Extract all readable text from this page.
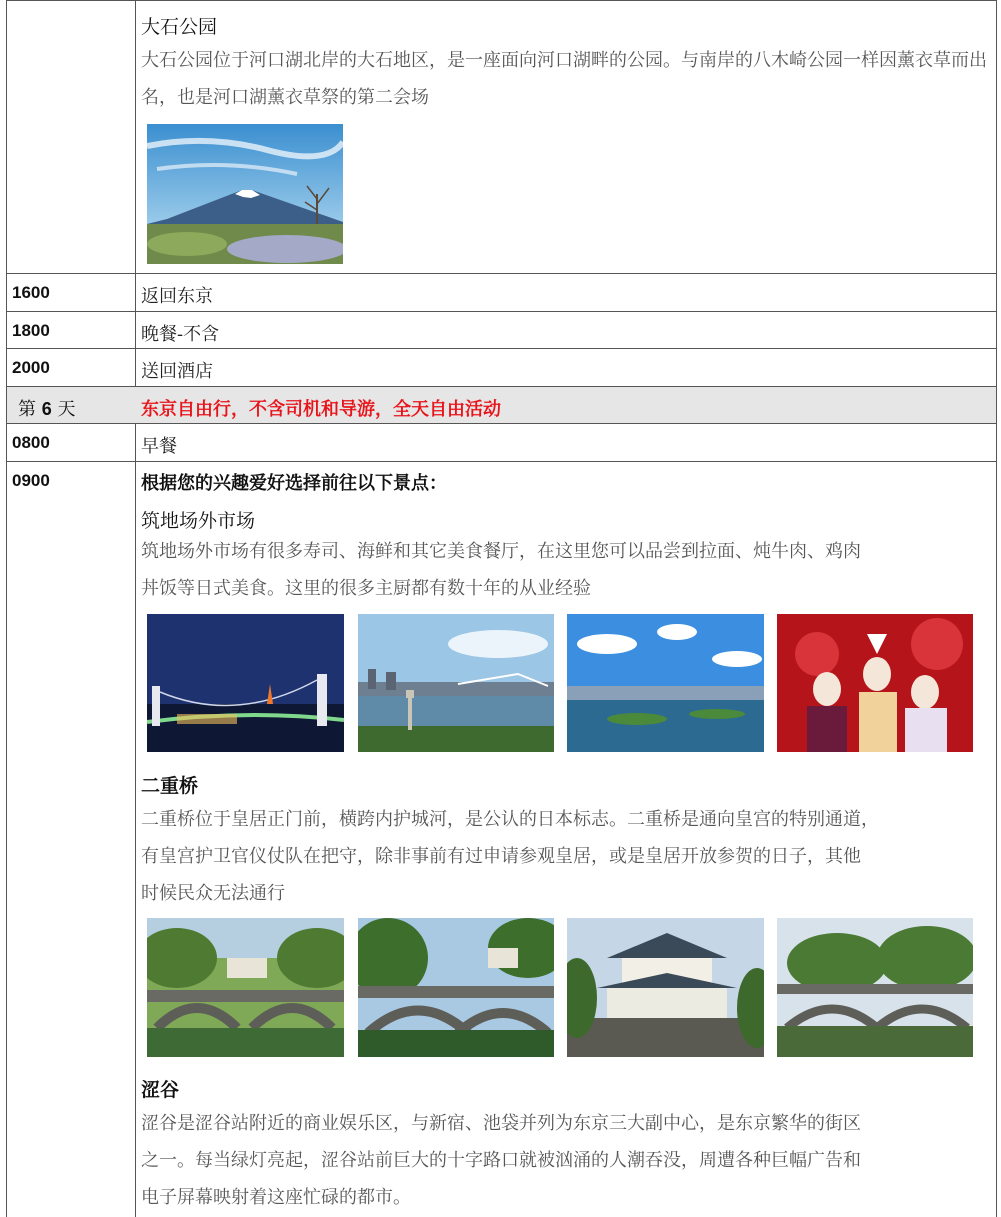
大石公园
大石公园位于河口湖北岸的大石地区，是一座面向河口湖畔的公园。与南岸的八木崎公园一样因薰衣草而出名，也是河口湖薰衣草祭的第二会场
1600	返回东京
1800	晚餐-不含
2000	送回酒店
第 6 天	东京自由行，不含司机和导游，全天自由活动
0800	早餐
0900	根据您的兴趣爱好选择前往以下景点：
筑地场外市场
筑地场外市场有很多寿司、海鲜和其它美食餐厅，在这里您可以品尝到拉面、炖牛肉、鸡肉
丼饭等日式美食。这里的很多主厨都有数十年的从业经验
二重桥
二重桥位于皇居正门前，横跨内护城河，是公认的日本标志。二重桥是通向皇宫的特别通道，
有皇宫护卫官仪仗队在把守，除非事前有过申请参观皇居，或是皇居开放参贺的日子，其他
时候民众无法通行
涩谷
涩谷是涩谷站附近的商业娱乐区，与新宿、池袋并列为东京三大副中心，是东京繁华的街区
之一。每当绿灯亮起，涩谷站前巨大的十字路口就被汹涌的人潮吞没，周遭各种巨幅广告和
电子屏幕映射着这座忙碌的都市。
